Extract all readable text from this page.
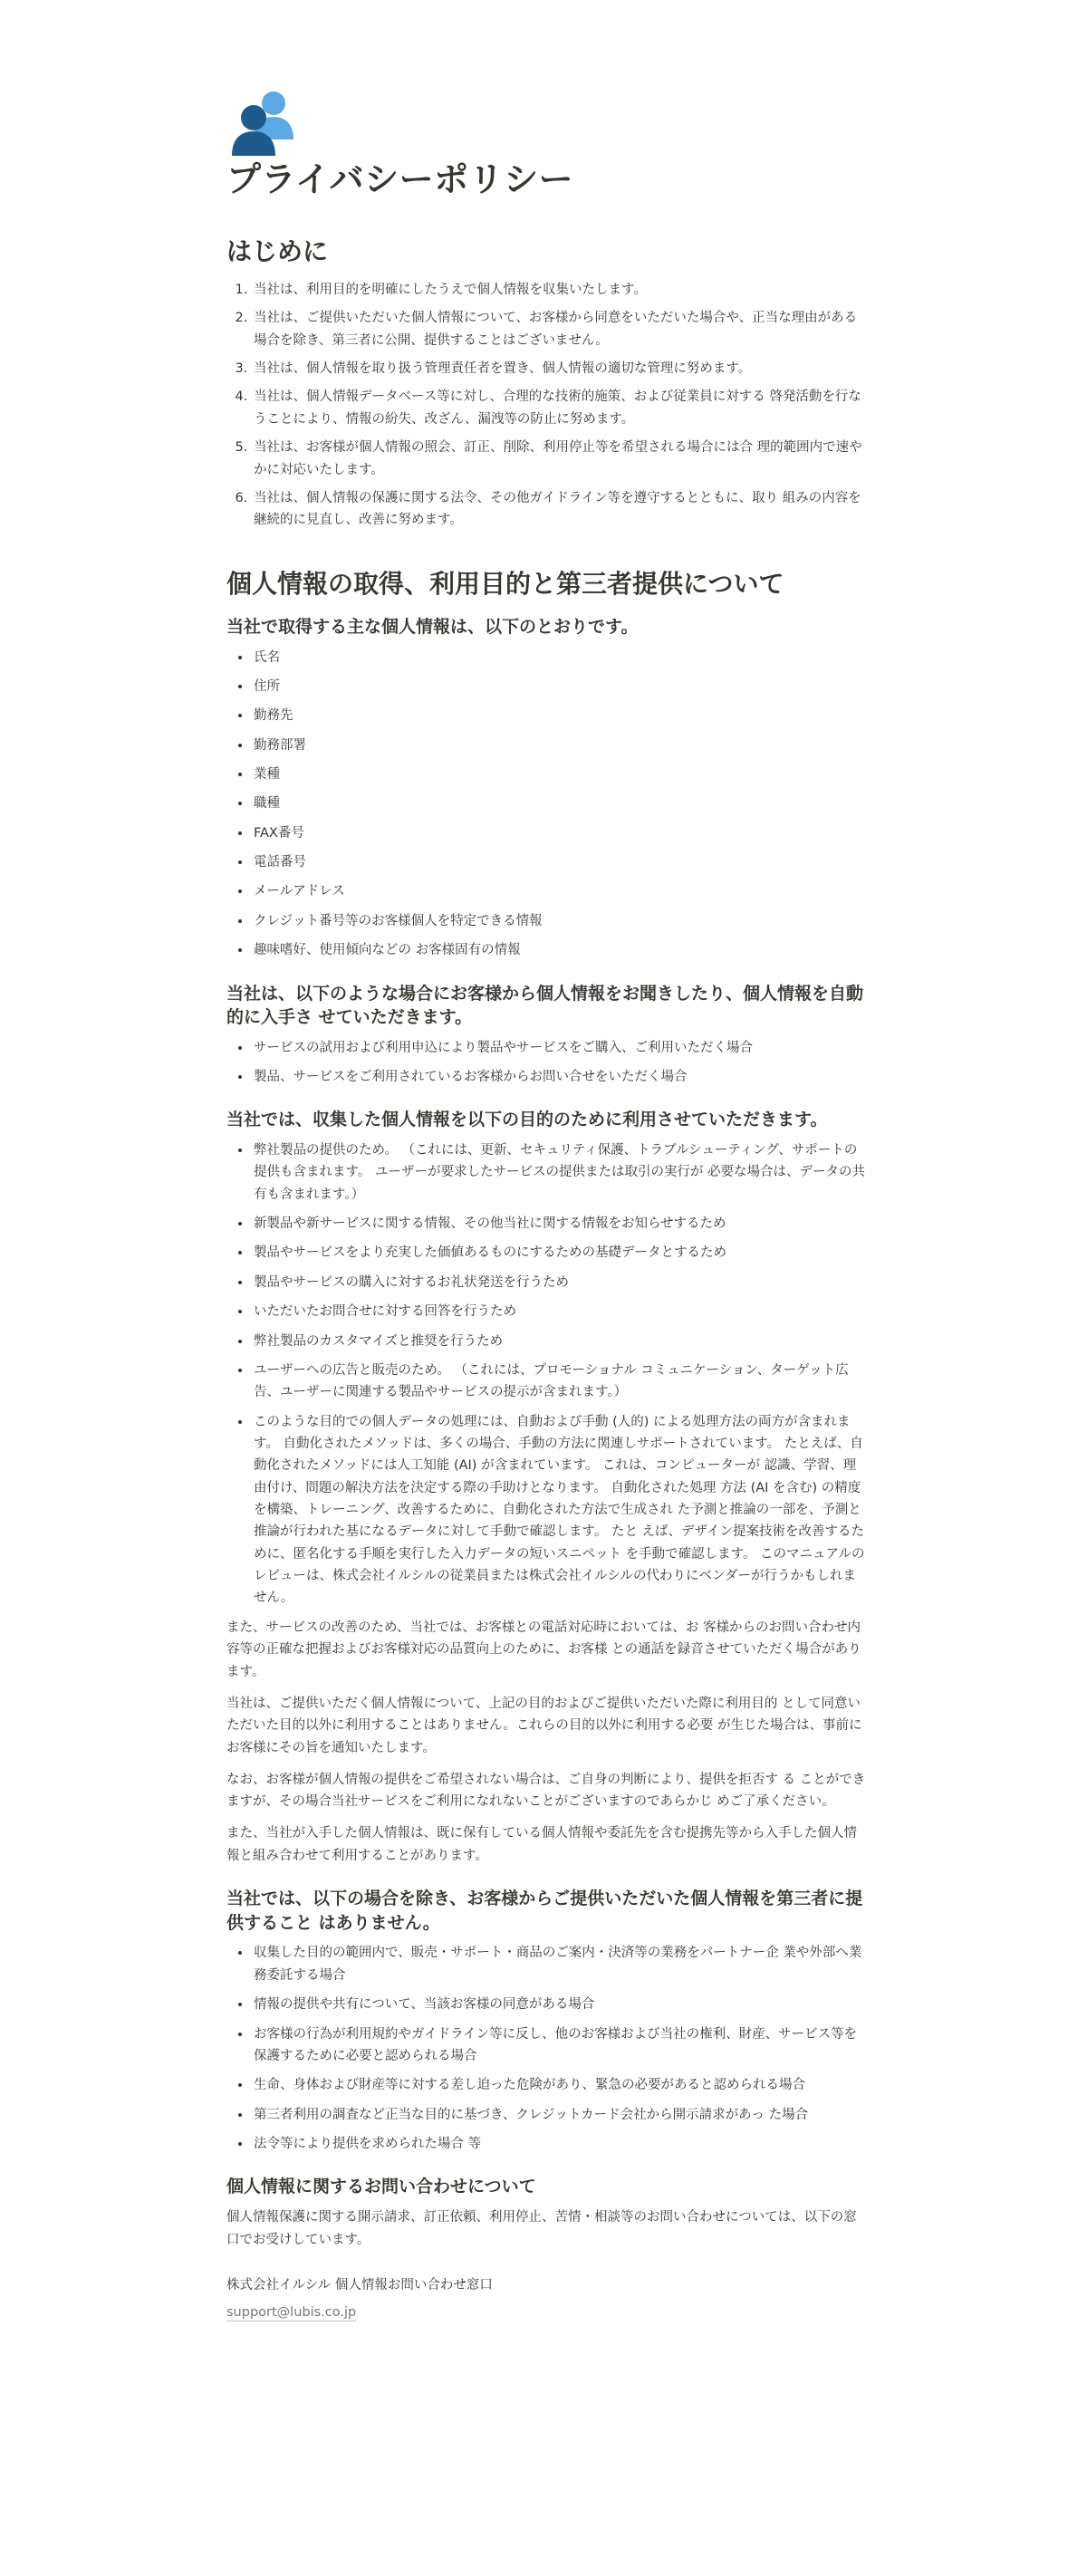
プライバシーポリシー
はじめに
1. 当社は、利用目的を明確にしたうえで個人情報を収集いたします。
2. 当社は、ご提供いただいた個人情報について、お客様から同意をいただいた場合や、正当な理由がある場合を除き、第三者に公開、提供することはございません。
3. 当社は、個人情報を取り扱う管理責任者を置き、個人情報の適切な管理に努めます。
4. 当社は、個人情報データベース等に対し、合理的な技術的施策、および従業員に対する 啓発活動を行なうことにより、情報の紛失、改ざん、漏洩等の防止に努めます。
5. 当社は、お客様が個人情報の照会、訂正、削除、利用停止等を希望される場合には合 理的範囲内で速やかに対応いたします。
6. 当社は、個人情報の保護に関する法令、その他ガイドライン等を遵守するとともに、取り 組みの内容を継続的に見直し、改善に努めます。
個人情報の取得、利用目的と第三者提供について
当社で取得する主な個人情報は、以下のとおりです。
• 氏名
• 住所
• 勤務先
• 勤務部署
• 業種
• 職種
• FAX番号
• 電話番号
• メールアドレス
• クレジット番号等のお客様個人を特定できる情報
• 趣味嗜好、使用傾向などの お客様固有の情報
当社は、以下のような場合にお客様から個人情報をお聞きしたり、個人情報を自動的に入手さ せていただきます。
• サービスの試用および利用申込により製品やサービスをご購入、ご利用いただく場合
• 製品、サービスをご利用されているお客様からお問い合せをいただく場合
当社では、収集した個人情報を以下の目的のために利用させていただきます。
• 弊社製品の提供のため。 （これには、更新、セキュリティ保護、トラブルシューティング、サポートの提供も含まれます。 ユーザーが要求したサービスの提供または取引の実行が 必要な場合は、データの共有も含まれます。）
• 新製品や新サービスに関する情報、その他当社に関する情報をお知らせするため
• 製品やサービスをより充実した価値あるものにするための基礎データとするため
• 製品やサービスの購入に対するお礼状発送を行うため
• いただいたお問合せに対する回答を行うため
• 弊社製品のカスタマイズと推奨を行うため
• ユーザーへの広告と販売のため。 （これには、プロモーショナル コミュニケーション、ターゲット広告、ユーザーに関連する製品やサービスの提示が含まれます。）
• このような目的での個人データの処理には、自動および手動 (人的) による処理方法の両方が含まれます。 自動化されたメソッドは、多くの場合、手動の方法に関連しサポートされています。 たとえば、自動化されたメソッドには人工知能 (AI) が含まれています。 これは、コンピューターが 認識、学習、理由付け、問題の解決方法を決定する際の手助けとなります。 自動化された処理 方法 (AI を含む) の精度を構築、トレーニング、改善するために、自動化された方法で生成され た予測と推論の一部を、予測と推論が行われた基になるデータに対して手動で確認します。 たと えば、デザイン提案技術を改善するために、匿名化する手順を実行した入力データの短いスニペット を手動で確認します。 このマニュアルのレビューは、株式会社イルシルの従業員または株式会社イルシルの代わりにベンダーが行うかもしれません。

また、サービスの改善のため、当社では、お客様との電話対応時においては、お 客様からのお問い合わせ内容等の正確な把握およびお客様対応の品質向上のために、お客様 との通話を録音させていただく場合があります。

当社は、ご提供いただく個人情報について、上記の目的およびご提供いただいた際に利用目的 として同意いただいた目的以外に利用することはありません。これらの目的以外に利用する必要 が生じた場合は、事前にお客様にその旨を通知いたします。

なお、お客様が個人情報の提供をご希望されない場合は、ご自身の判断により、提供を拒否す る ことができますが、その場合当社サービスをご利用になれないことがございますのであらかじ めご了承ください。

また、当社が入手した個人情報は、既に保有している個人情報や委託先を含む提携先等から入手した個人情報と組み合わせて利用することがあります。

当社では、以下の場合を除き、お客様からご提供いただいた個人情報を第三者に提供すること はありません。
• 収集した目的の範囲内で、販売・サポート・商品のご案内・決済等の業務をパートナー企 業や外部へ業務委託する場合
• 情報の提供や共有について、当該お客様の同意がある場合
• お客様の行為が利用規約やガイドライン等に反し、他のお客様および当社の権利、財産、サービス等を保護するために必要と認められる場合
• 生命、身体および財産等に対する差し迫った危険があり、緊急の必要があると認められる場合
• 第三者利用の調査など正当な目的に基づき、クレジットカード会社から開示請求があっ た場合
• 法令等により提供を求められた場合 等
個人情報に関するお問い合わせについて

個人情報保護に関する開示請求、訂正依頼、利用停止、苦情・相談等のお問い合わせについては、以下の窓口でお受けしています。

株式会社イルシル 個人情報お問い合わせ窓口

support@lubis.co.jp
